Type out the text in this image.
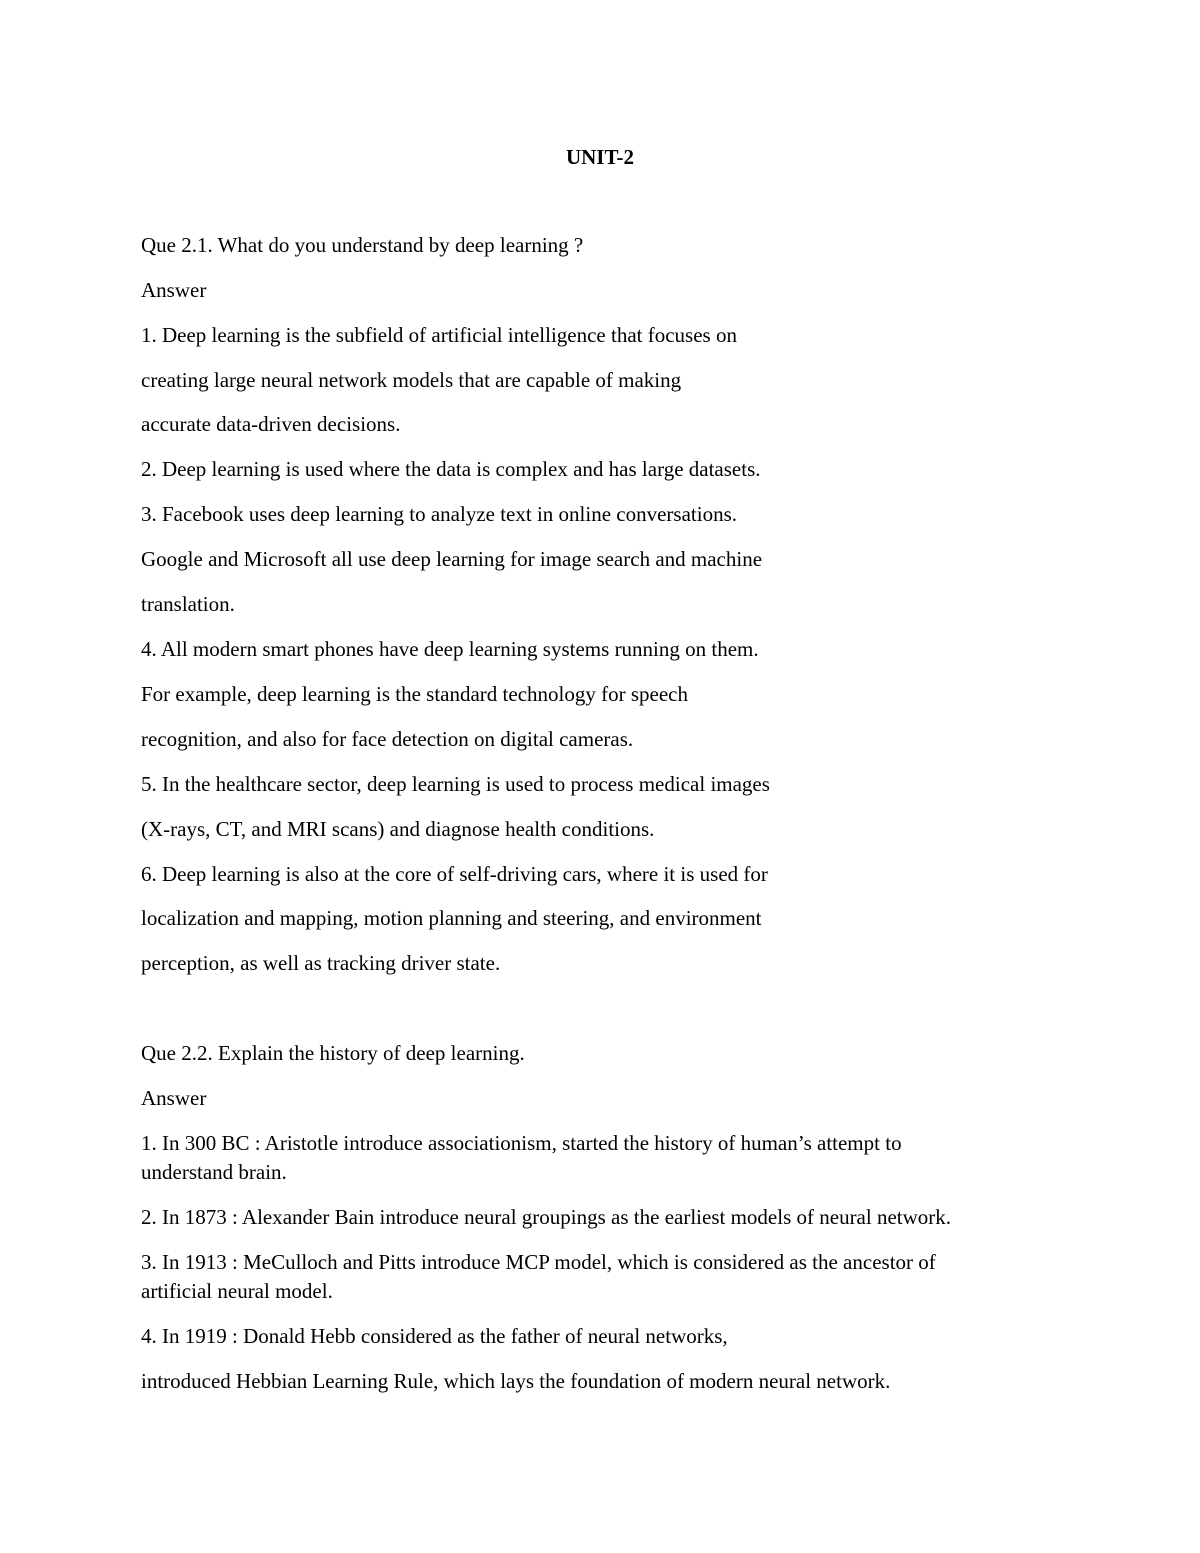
UNIT-2
Que 2.1. What do you understand by deep learning ?
Answer
1. Deep learning is the subfield of artificial intelligence that focuses on
creating large neural network models that are capable of making
accurate data-driven decisions.
2. Deep learning is used where the data is complex and has large datasets.
3. Facebook uses deep learning to analyze text in online conversations.
Google and Microsoft all use deep learning for image search and machine
translation.
4. All modern smart phones have deep learning systems running on them.
For example, deep learning is the standard technology for speech
recognition, and also for face detection on digital cameras.
5. In the healthcare sector, deep learning is used to process medical images
(X-rays, CT, and MRI scans) and diagnose health conditions.
6. Deep learning is also at the core of self-driving cars, where it is used for
localization and mapping, motion planning and steering, and environment
perception, as well as tracking driver state.
Que 2.2. Explain the history of deep learning.
Answer
1. In 300 BC : Aristotle introduce associationism, started the history of human’s attempt to
understand brain.
2. In 1873 : Alexander Bain introduce neural groupings as the earliest models of neural network.
3. In 1913 : MeCulloch and Pitts introduce MCP model, which is considered as the ancestor of
artificial neural model.
4. In 1919 : Donald Hebb considered as the father of neural networks,
introduced Hebbian Learning Rule, which lays the foundation of modern neural network.
